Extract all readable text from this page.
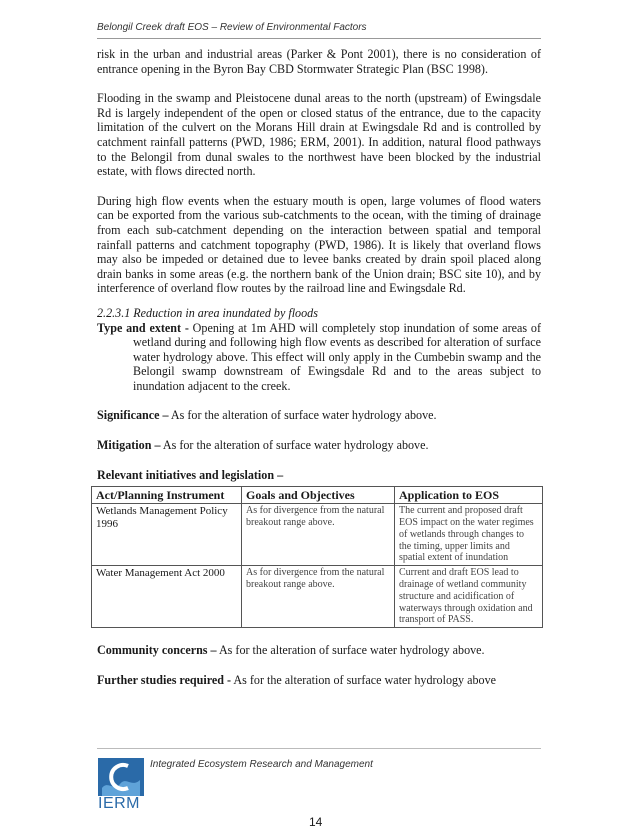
Belongil Creek draft EOS – Review of Environmental Factors

risk in the urban and industrial areas (Parker & Pont 2001), there is no consideration of entrance opening in the Byron Bay CBD Stormwater Strategic Plan (BSC 1998).

Flooding in the swamp and Pleistocene dunal areas to the north (upstream) of Ewingsdale Rd is largely independent of the open or closed status of the entrance, due to the capacity limitation of the culvert on the Morans Hill drain at Ewingsdale Rd and is controlled by catchment rainfall patterns (PWD, 1986; ERM, 2001). In addition, natural flood pathways to the Belongil from dunal swales to the northwest have been blocked by the industrial estate, with flows directed north.

During high flow events when the estuary mouth is open, large volumes of flood waters can be exported from the various sub-catchments to the ocean, with the timing of drainage from each sub-catchment depending on the interaction between spatial and temporal rainfall patterns and catchment topography (PWD, 1986). It is likely that overland flows may also be impeded or detained due to levee banks created by drain spoil placed along drain banks in some areas (e.g. the northern bank of the Union drain; BSC site 10), and by interference of overland flow routes by the railroad line and Ewingsdale Rd.

2.2.3.1 Reduction in area inundated by floods

Type and extent - Opening at 1m AHD will completely stop inundation of some areas of wetland during and following high flow events as described for alteration of surface water hydrology above. This effect will only apply in the Cumbebin swamp and the Belongil swamp downstream of Ewingsdale Rd and to the areas subject to inundation adjacent to the creek.

Significance – As for the alteration of surface water hydrology above.

Mitigation – As for the alteration of surface water hydrology above.

Relevant initiatives and legislation –

Act/Planning Instrument	Goals and Objectives	Application to EOS
Wetlands Management Policy 1996	As for divergence from the natural breakout range above.	The current and proposed draft EOS impact on the water regimes of wetlands through changes to the timing, upper limits and spatial extent of inundation
Water Management Act 2000	As for divergence from the natural breakout range above.	Current and draft EOS lead to drainage of wetland community structure and acidification of waterways through oxidation and transport of PASS.

Community concerns – As for the alteration of surface water hydrology above.

Further studies required - As for the alteration of surface water hydrology above

IERM
Integrated Ecosystem Research and Management
14
